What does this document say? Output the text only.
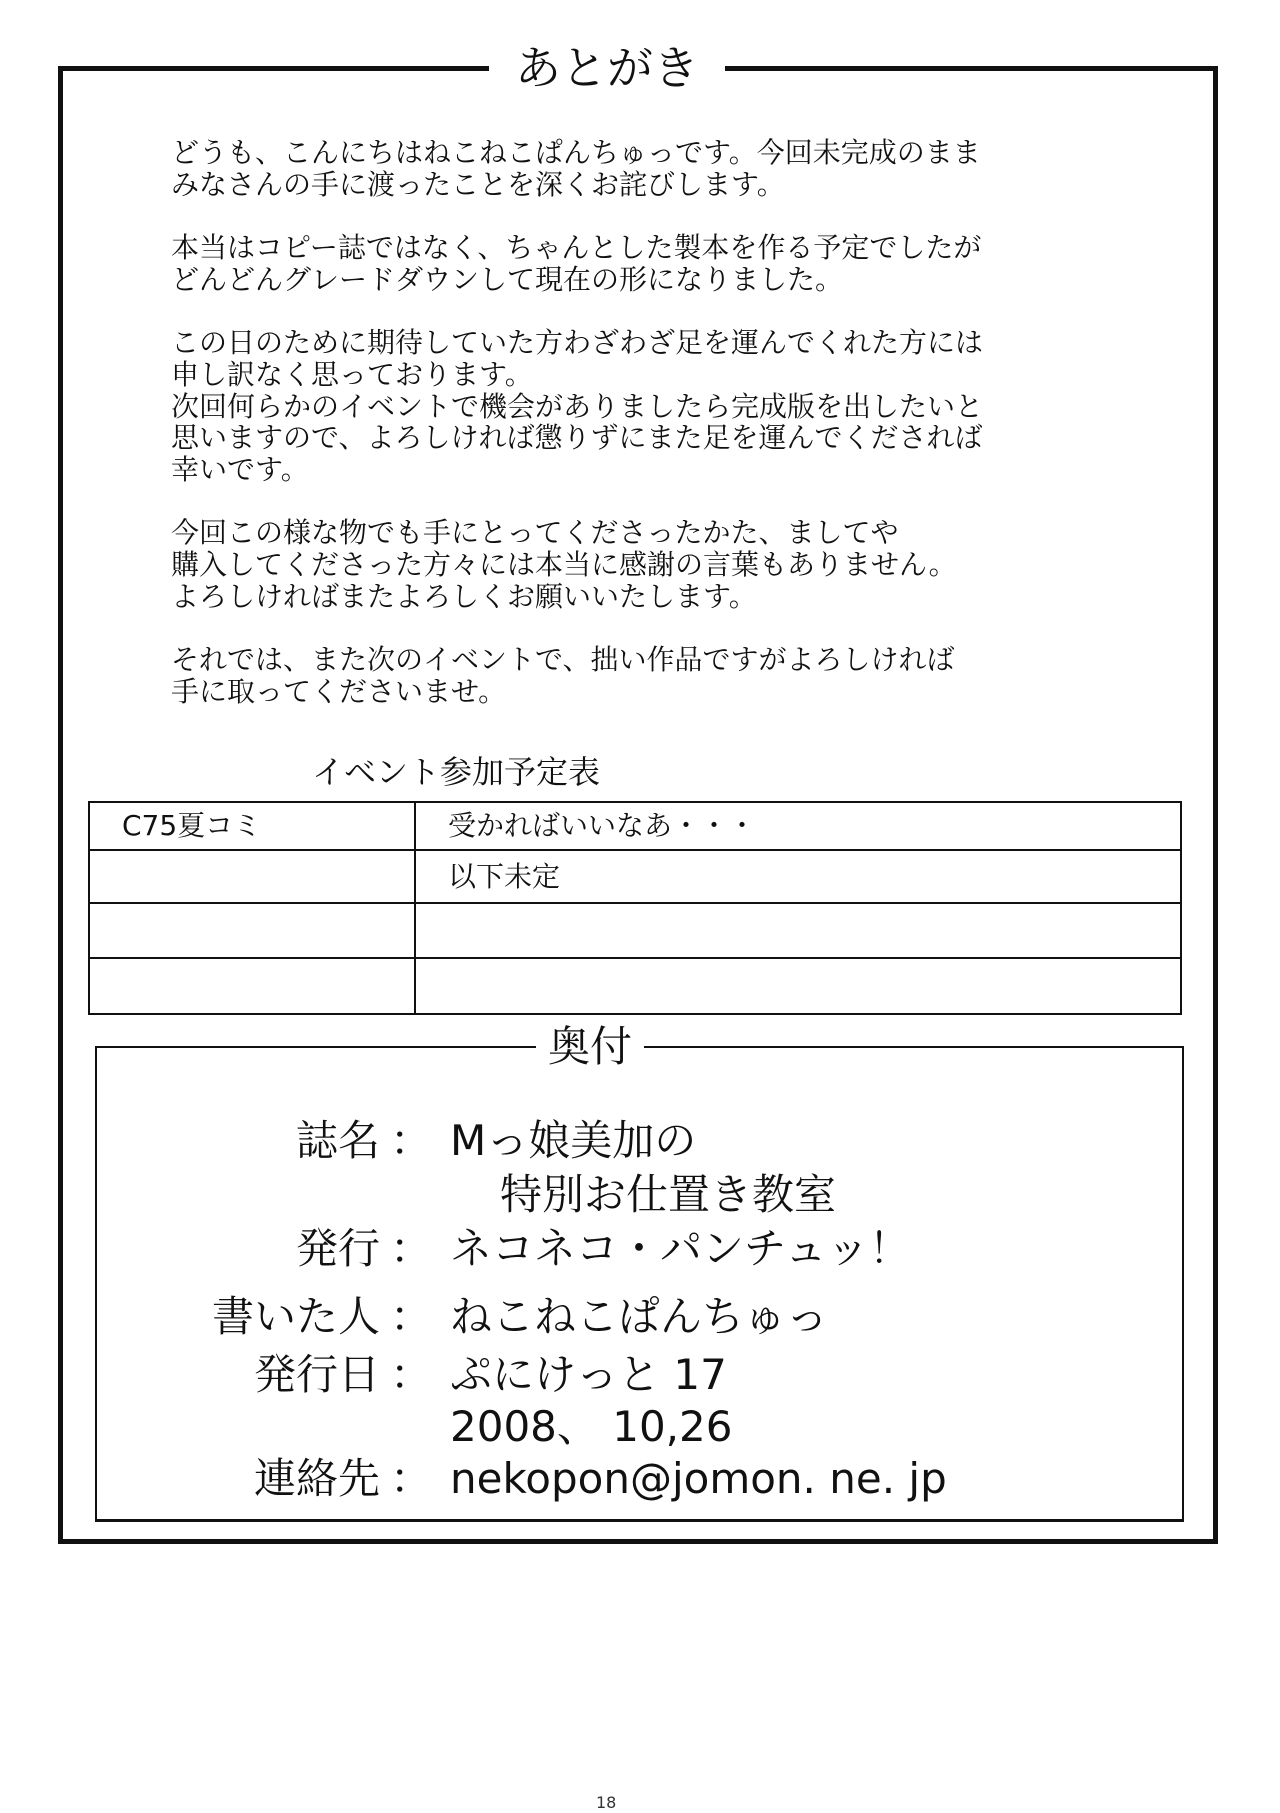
あとがき

どうも、こんにちはねこねこぱんちゅっです。今回未完成のまま
みなさんの手に渡ったことを深くお詫びします。

本当はコピー誌ではなく、ちゃんとした製本を作る予定でしたが
どんどんグレードダウンして現在の形になりました。

この日のために期待していた方わざわざ足を運んでくれた方には
申し訳なく思っております。
次回何らかのイベントで機会がありましたら完成版を出したいと
思いますので、よろしければ懲りずにまた足を運んでくだされば
幸いです。

今回この様な物でも手にとってくださったかた、ましてや
購入してくださった方々には本当に感謝の言葉もありません。
よろしければまたよろしくお願いいたします。

それでは、また次のイベントで、拙い作品ですがよろしければ
手に取ってくださいませ。

イベント参加予定表
C75夏コミ	受かればいいなあ・・・
	以下未定

奥付
誌名 ： Mっ娘美加の
特別お仕置き教室
発行 ： ネコネコ・パンチュッ！
書いた人 ： ねこねこぱんちゅっ
発行日 ： ぷにけっと 17
2008、 10,26
連絡先 ： nekopon@jomon. ne. jp
18
